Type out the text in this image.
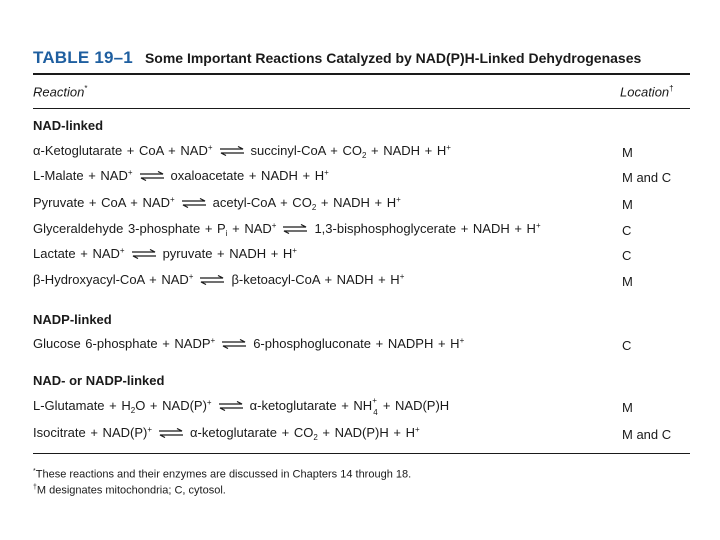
TABLE 19–1 Some Important Reactions Catalyzed by NAD(P)H-Linked Dehydrogenases
Reaction*	Location†
NAD-linked
α-Ketoglutarate + CoA + NAD+ ⇌ succinyl-CoA + $CO_2$ + NADH + H+	M
L-Malate + NAD+ ⇌ oxaloacetate + NADH + H+	M and C
Pyruvate + CoA + NAD+ ⇌ acetyl-CoA + $CO_2$ + NADH + H+	M
Glyceraldehyde 3-phosphate + $P_i + NAD^+$ ⇌ 1,3-bisphosphoglycerate + NADH + H+	C
Lactate + NAD+ ⇌ pyruvate + NADH + H+	C
β-Hydroxyacyl-CoA + NAD+ ⇌ β-ketoacyl-CoA + NADH + H+	M
NADP-linked
Glucose 6-phosphate + NADP+ ⇌ 6-phosphogluconate + NADPH + H+	C
NAD- or NADP-linked
L-Glutamate + $H_2O + NAD(P)^+$ ⇌ α-ketoglutarate + NH +
4 + NAD(P)H	M
Isocitrate + NAD(P)+ ⇌ α-ketoglutarate + $CO_2 + NAD(P)H + H^+$	M and C
*These reactions and their enzymes are discussed in Chapters 14 through 18.
†M designates mitochondria; C, cytosol.
